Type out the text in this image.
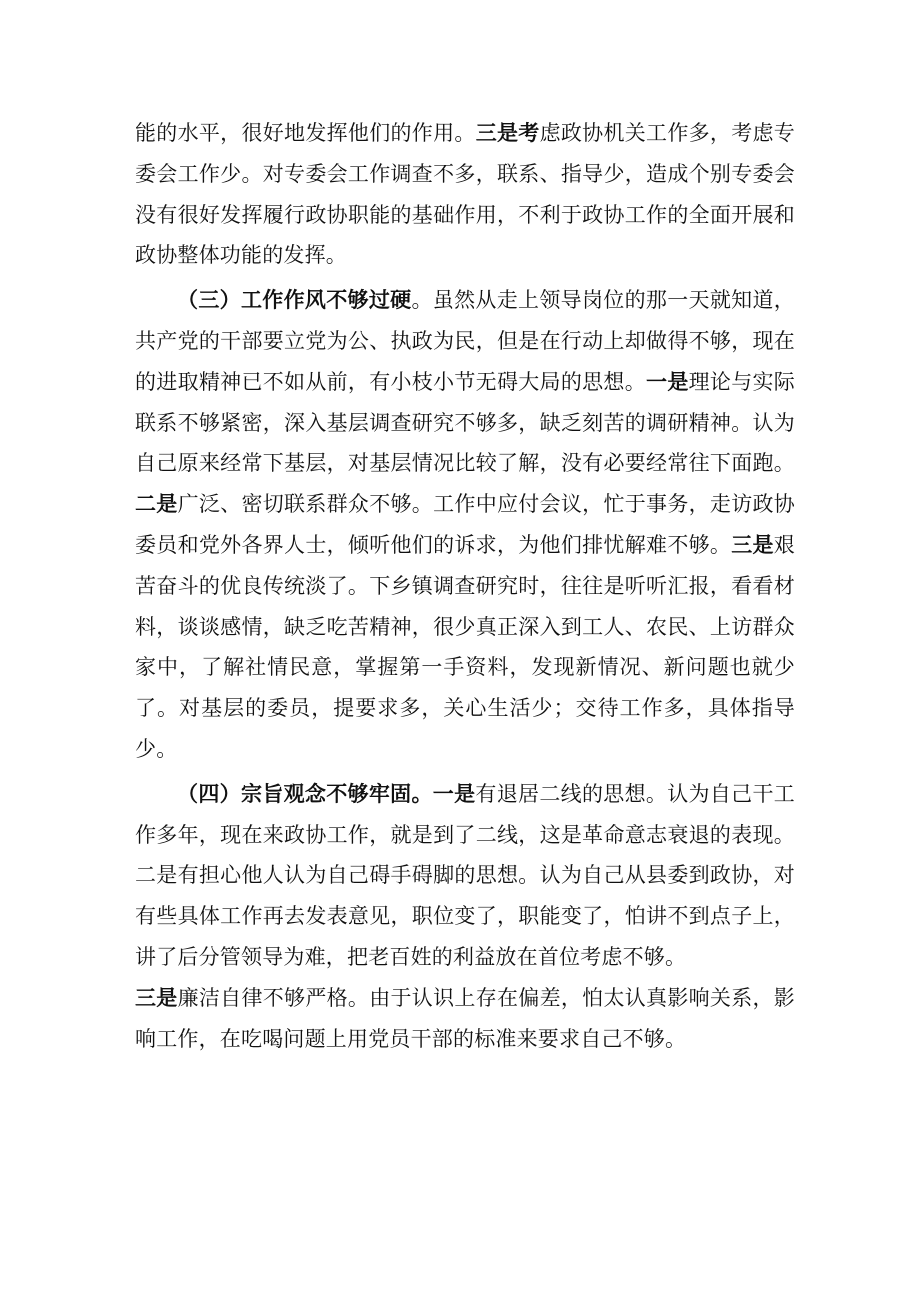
能的水平，很好地发挥他们的作用。三是考虑政协机关工作多，考虑专委会工作少。对专委会工作调查不多，联系、指导少，造成个别专委会没有很好发挥履行政协职能的基础作用，不利于政协工作的全面开展和政协整体功能的发挥。

（三）工作作风不够过硬。虽然从走上领导岗位的那一天就知道，共产党的干部要立党为公、执政为民，但是在行动上却做得不够，现在的进取精神已不如从前，有小枝小节无碍大局的思想。一是理论与实际联系不够紧密，深入基层调查研究不够多，缺乏刻苦的调研精神。认为自己原来经常下基层，对基层情况比较了解，没有必要经常往下面跑。二是广泛、密切联系群众不够。工作中应付会议，忙于事务，走访政协委员和党外各界人士，倾听他们的诉求，为他们排忧解难不够。三是艰苦奋斗的优良传统淡了。下乡镇调查研究时，往往是听听汇报，看看材料，谈谈感情，缺乏吃苦精神，很少真正深入到工人、农民、上访群众家中，了解社情民意，掌握第一手资料，发现新情况、新问题也就少了。对基层的委员，提要求多，关心生活少；交待工作多，具体指导少。

（四）宗旨观念不够牢固。一是有退居二线的思想。认为自己干工作多年，现在来政协工作，就是到了二线，这是革命意志衰退的表现。二是有担心他人认为自己碍手碍脚的思想。认为自己从县委到政协，对有些具体工作再去发表意见，职位变了，职能变了，怕讲不到点子上，讲了后分管领导为难，把老百姓的利益放在首位考虑不够。

三是廉洁自律不够严格。由于认识上存在偏差，怕太认真影响关系，影响工作，在吃喝问题上用党员干部的标准来要求自己不够。
